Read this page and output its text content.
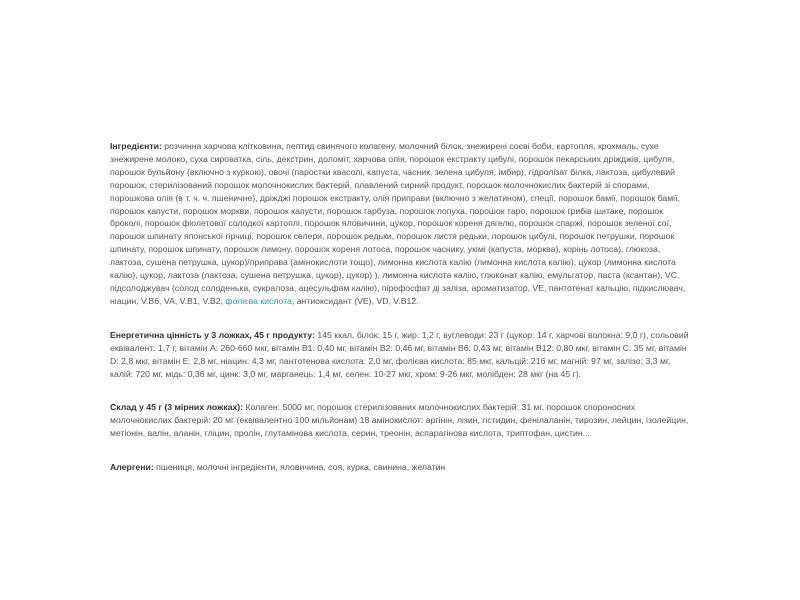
Інгредієнти: розчинна харчова клітковина, пептид свинячого колагену, молочний білок, знежирені соєві боби, картопля, крохмаль, сухе знежирене молоко, суха сироватка, сіль, декстрин, доломіт, харчова олія, порошок екстракту цибулі, порошок пекарських дріжджів, цибуля, порошок бульйону (включно з куркою), овочі (паростки квасолі, капуста, часник, зелена цибуля, імбир), гідролізат білка, лактоза, цибулевий порошок, стерилізований порошок молочнокислих бактерій, плавлений сирний продукт, порошок молочнокислих бактерій зі спорами, порошкова олія (в т. ч. ч. пшеничне), дріжджі порошок екстракту, олія приправи (включно з желатином), спеції, порошок бамії, порошок бамії, порошок капусти, порошок моркви, порошок капусти, порошок гарбуза, порошок лопуха, порошок таро, порошок грибів шитаке, порошок броколі, порошок фіолетової солодкої картоплі, порошок яловичини, цукор, порошок кореня дягелю, порошок спаржі, порошок зеленої сої, порошок шпинату японської гірчиці, порошок селери, порошок редьки, порошок листя редьки, порошок цибулі, порошок петрушки, порошок шпинату, порошок шпинату, порошок лимону, порошок кореня лотоса, порошок часнику, укімі (капуста, морква), корінь лотоса), глюкоза, лактоза, сушена петрушка, цукор)/приправа (амінокислоти тощо), лимонна кислота калію (лимонна кислота калію), цукор (лимонна кислота калію), цукор, лактоза (лактоза, сушена петрушка, цукор), цукор) ), лимонна кислота калію, глюконат калію, емульгатор, паста (ксантан), VC, підсолоджувач (солод солоденька, сукралоза, ацесульфам калію), пірофосфат ді заліза, ароматизатор, VE, пантотенат кальцію, підкислювач, ніацин, V.B6, VA, V.B1, V.B2, фолієва кислота, антиоксидант (VE), VD, V.B12.

Енергетична цінність у 3 ложках, 45 г продукту: 145 ккал, білок: 15 г, жир: 1,2 г, вуглеводи: 23 г (цукор: 14 г, харчові волокна: 9,0 г), сольовий еквівалент: 1,7 г, вітамін А: 260-660 мкг, вітамін В1: 0,40 мг, вітамін В2: 0,46 мг, вітамін В6: 0,43 мг, вітамін В12: 0,80 мкг, вітамін С: 35 мг, вітамін D: 2,8 мкг, вітамін Е: 2,8 мг, ніацин: 4,3 мг, пантотенова кислота: 2,0 мг, фолієва кислота: 85 мкг, кальцій: 216 мг, магній: 97 мг, залізо: 3,3 мг, калій: 720 мг, мідь: 0,36 мг, цинк: 3,0 мг, марганець: 1,4 мг, селен: 10-27 мкг, хром: 9-26 мкг, молібден: 28 мкг (на 45 г).

Склад у 45 г (3 мірних ложках): Колаген: 5000 мг, порошок стерилізованих молочнокислих бактерій: 31 мг, порошок спороносних молочнокислих бактерій: 20 мг (еквівалентно 100 мільйонам) 18 амінокислот: аргінін, лізин, гістидин, фенілаланін, тирозин, лейцин, ізолейцин, метіонін, валін, аланін, гліцин, пролін, глутамінова кислота, серин, треонін, аспарагінова кислота, триптофан, цистин...

Алергени: пшениця, молочні інгредієнти, яловичина, соя, курка, свинина, желатин
